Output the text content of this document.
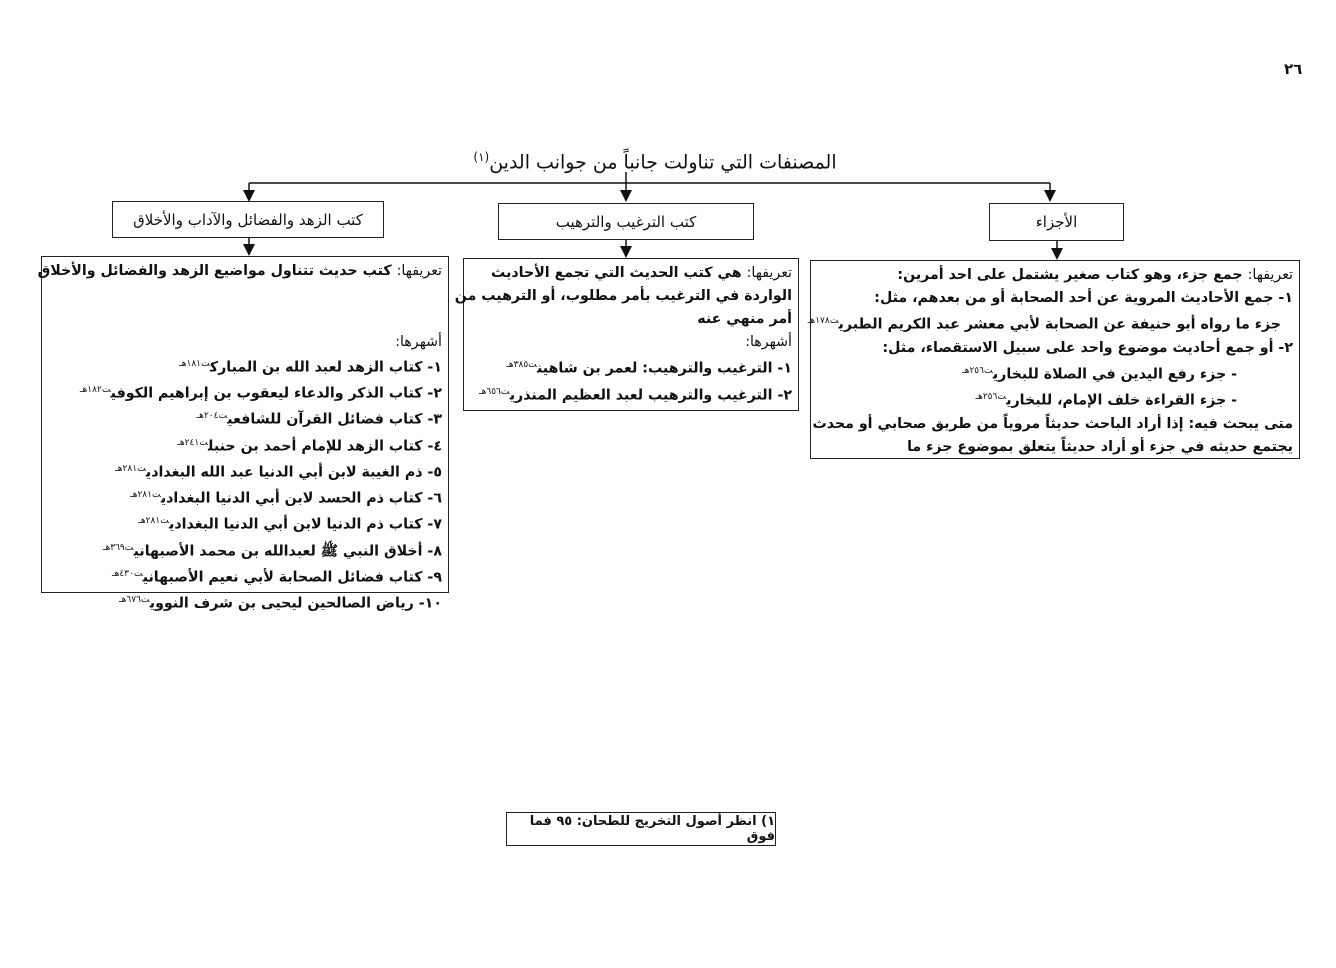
٢٦
المصنفات التي تناولت جانباً من جوانب الدين$^{(١)}$
كتب الزهد والفضائل والآداب والأخلاق	كتب الترغيب والترهيب	الأجزاء
تعريفها: جمع جزء، وهو كتاب صغير يشتمل على احد أمرين:
١- جمع الأحاديث المروية عن أحد الصحابة أو من بعدهم، مثل:
جزء ما رواه أبو حنيفة عن الصحابة لأبي معشر عبد الكريم الطبري$^{ت١٧٨هـ}$
٢- أو جمع أحاديث موضوع واحد على سبيل الاستقصاء، مثل:
- جزء رفع اليدين في الصلاة للبخاري$^{ت٢٥٦هـ}$
- جزء القراءة خلف الإمام، للبخاري$^{ت٢٥٦هـ}$
متى يبحث فيه: إذا أراد الباحث حديثاً مروياً من طريق صحابي أو محدث
يجتمع حديثه في جزء أو أراد حديثاً يتعلق بموضوع جزء ما
تعريفها: هي كتب الحديث التي تجمع الأحاديث
الواردة في الترغيب بأمر مطلوب، أو الترهيب من
أمر منهي عنه
أشهرها:
١- الترغيب والترهيب: لعمر بن شاهين$^{ت٣٨٥هـ}$
٢- الترغيب والترهيب لعبد العظيم المنذري$^{ت٦٥٦هـ}$
تعريفها: كتب حديث تتناول مواضيع الزهد والفضائل والأخلاق
أشهرها:
١- كتاب الزهد لعبد الله بن المبارك$^{ت١٨١هـ}$
٢- كتاب الذكر والدعاء ليعقوب بن إبراهيم الكوفي$^{ت١٨٢هـ}$
٣- كتاب فضائل القرآن للشافعي$^{ت٢٠٤هـ}$
٤- كتاب الزهد للإمام أحمد بن حنبل$^{ت٢٤١هـ}$
٥- ذم الغيبة لابن أبي الدنيا عبد الله البغدادي$^{ت٢٨١هـ}$
٦- كتاب ذم الحسد لابن أبي الدنيا البغدادي$^{ت٢٨١هـ}$
٧- كتاب ذم الدنيا لابن أبي الدنيا البغدادي$^{ت٢٨١هـ}$
٨- أخلاق النبي ﷺ لعبدالله بن محمد الأصبهاني$^{ت٣٦٩هـ}$
٩- كتاب فضائل الصحابة لأبي نعيم الأصبهاني$^{ت٤٣٠هـ}$
١٠- رياض الصالحين ليحيى بن شرف النووي$^{ت٦٧٦هـ}$
١) انظر أصول التخريج للطحان: ٩٥ فما فوق
